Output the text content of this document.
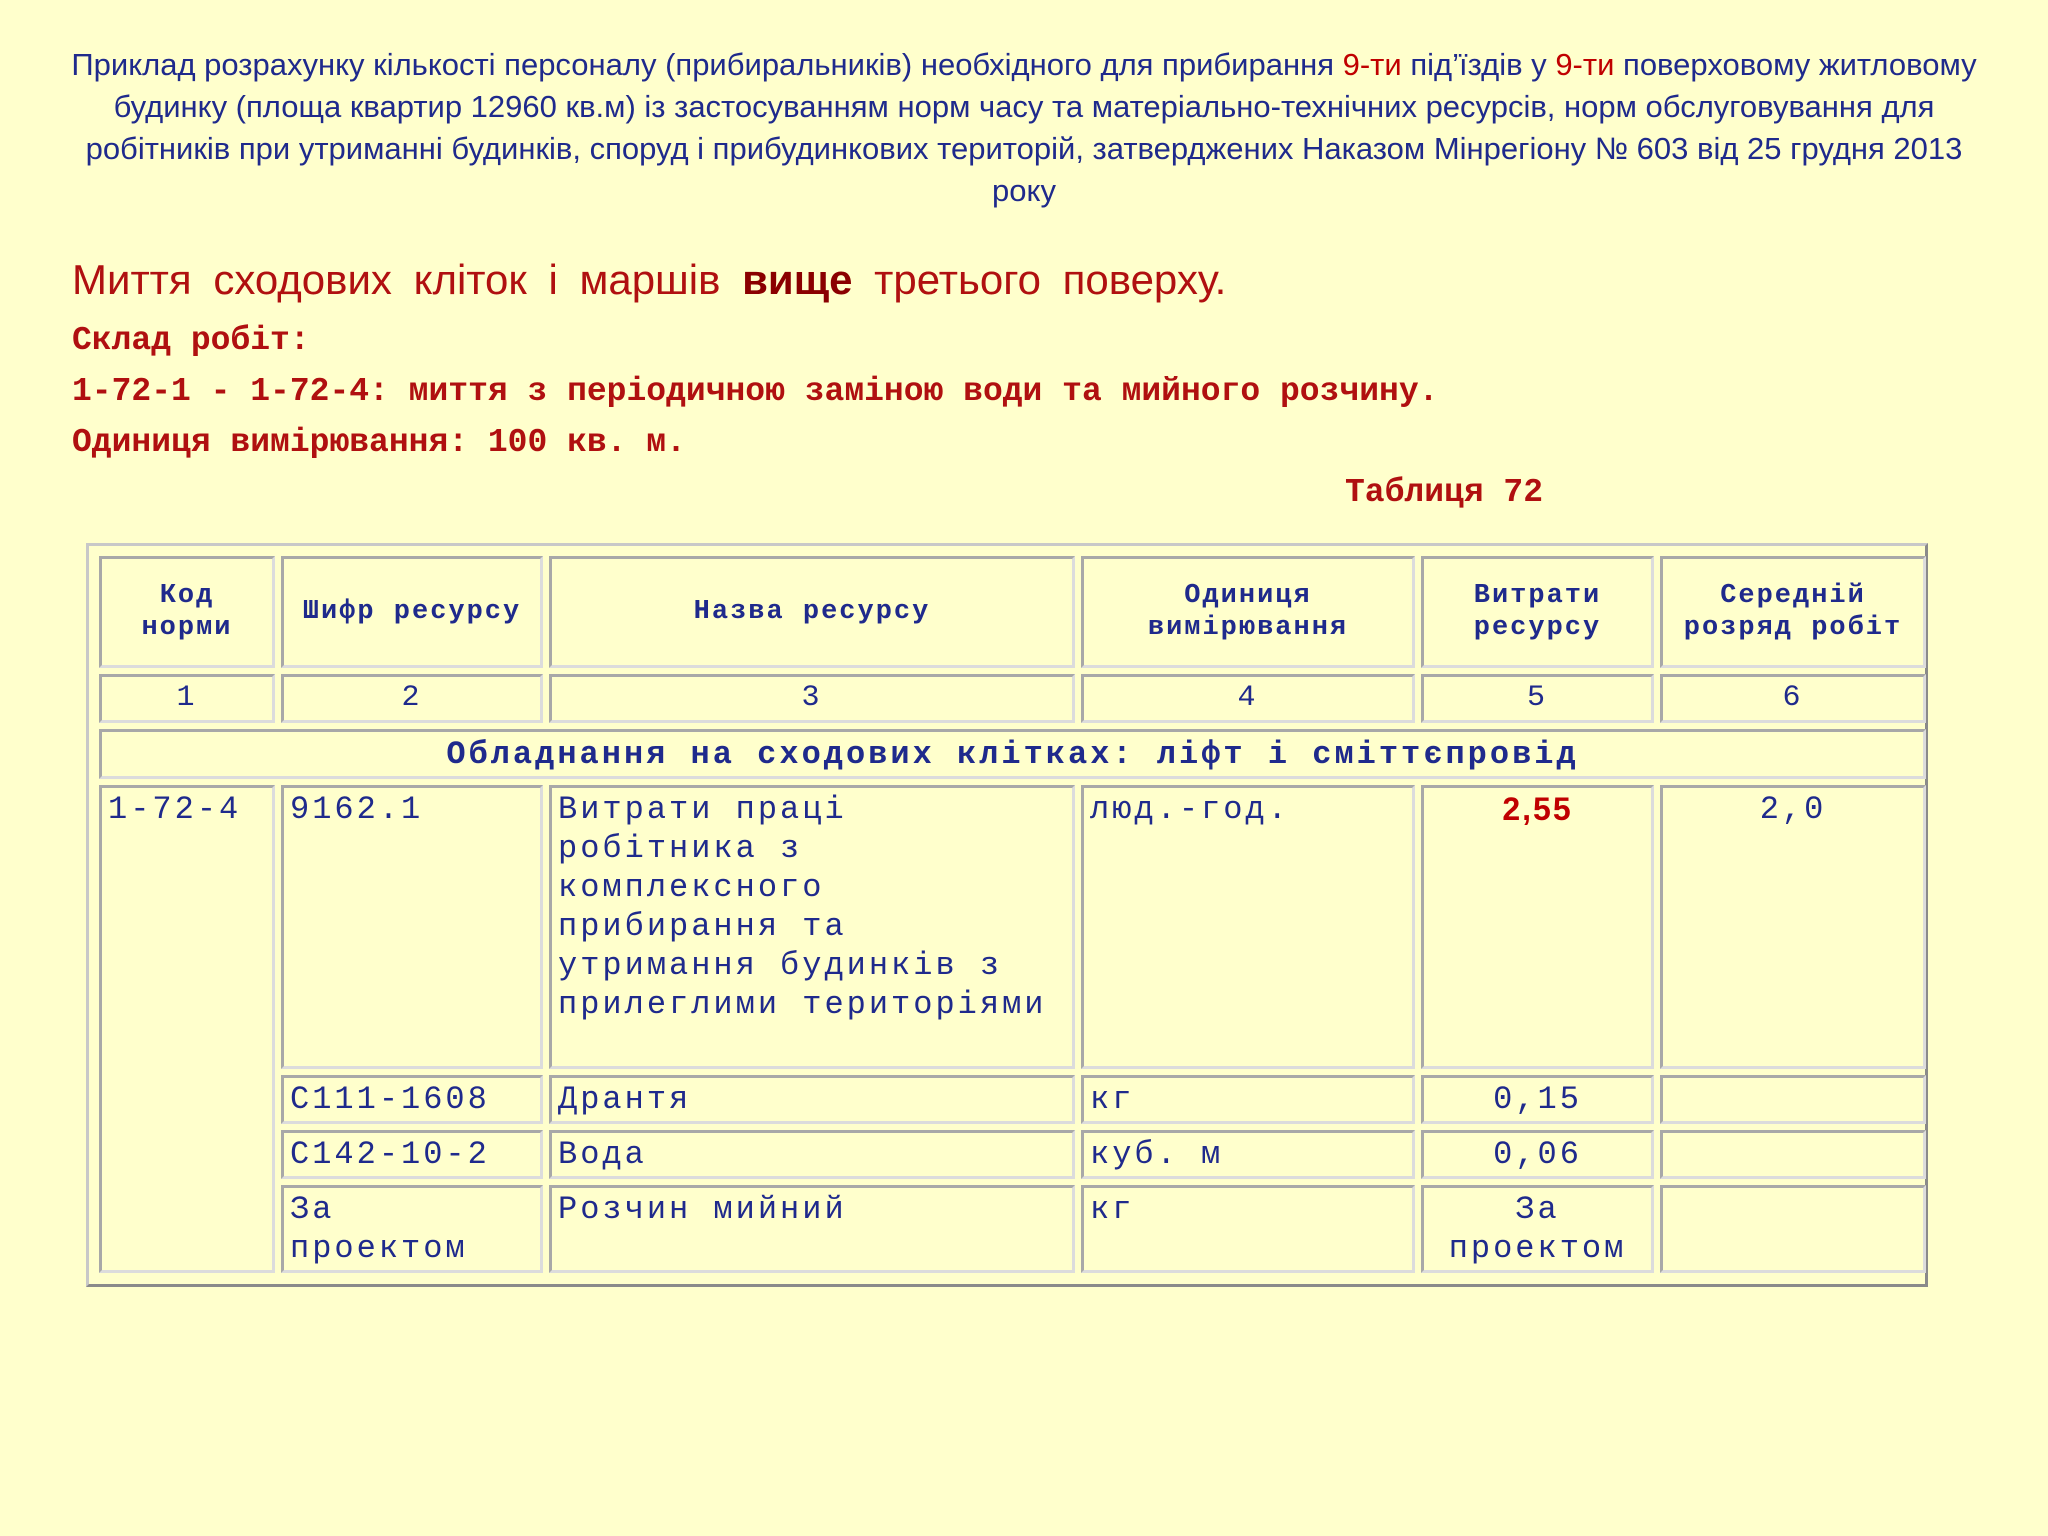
Приклад розрахунку кількості персоналу (прибиральників) необхідного для прибирання 9-ти під’їздів у 9-ти поверховому житловому будинку (площа квартир 12960 кв.м) із застосуванням норм часу та матеріально-технічних ресурсів, норм обслуговування для робітників при утриманні будинків, споруд і прибудинкових територій, затверджених Наказом Мінрегіону № 603 від 25 грудня 2013 року
Миття сходових кліток і маршів вище третього поверху.
Склад робіт:
1-72-1 - 1-72-4: миття з періодичною заміною води та мийного розчину.
Одиниця вимірювання: 100 кв. м.
Таблиця 72
Код норми	Шифр ресурсу	Назва ресурсу	Одиниця вимірювання	Витрати ресурсу	Середній розряд робіт
1	2	3	4	5	6
Обладнання на сходових клітках: ліфт і сміттєпровід					
1-72-4	9162.1	Витрати праці робітника з комплексного прибирання та утримання будинків з прилеглими територіями	люд.-год.	2,55	2,0
	С111-1608	Дрантя	кг	0,15	
	С142-10-2	Вода	куб. м	0,06	
	За проектом	Розчин мийний	кг	За проектом	
